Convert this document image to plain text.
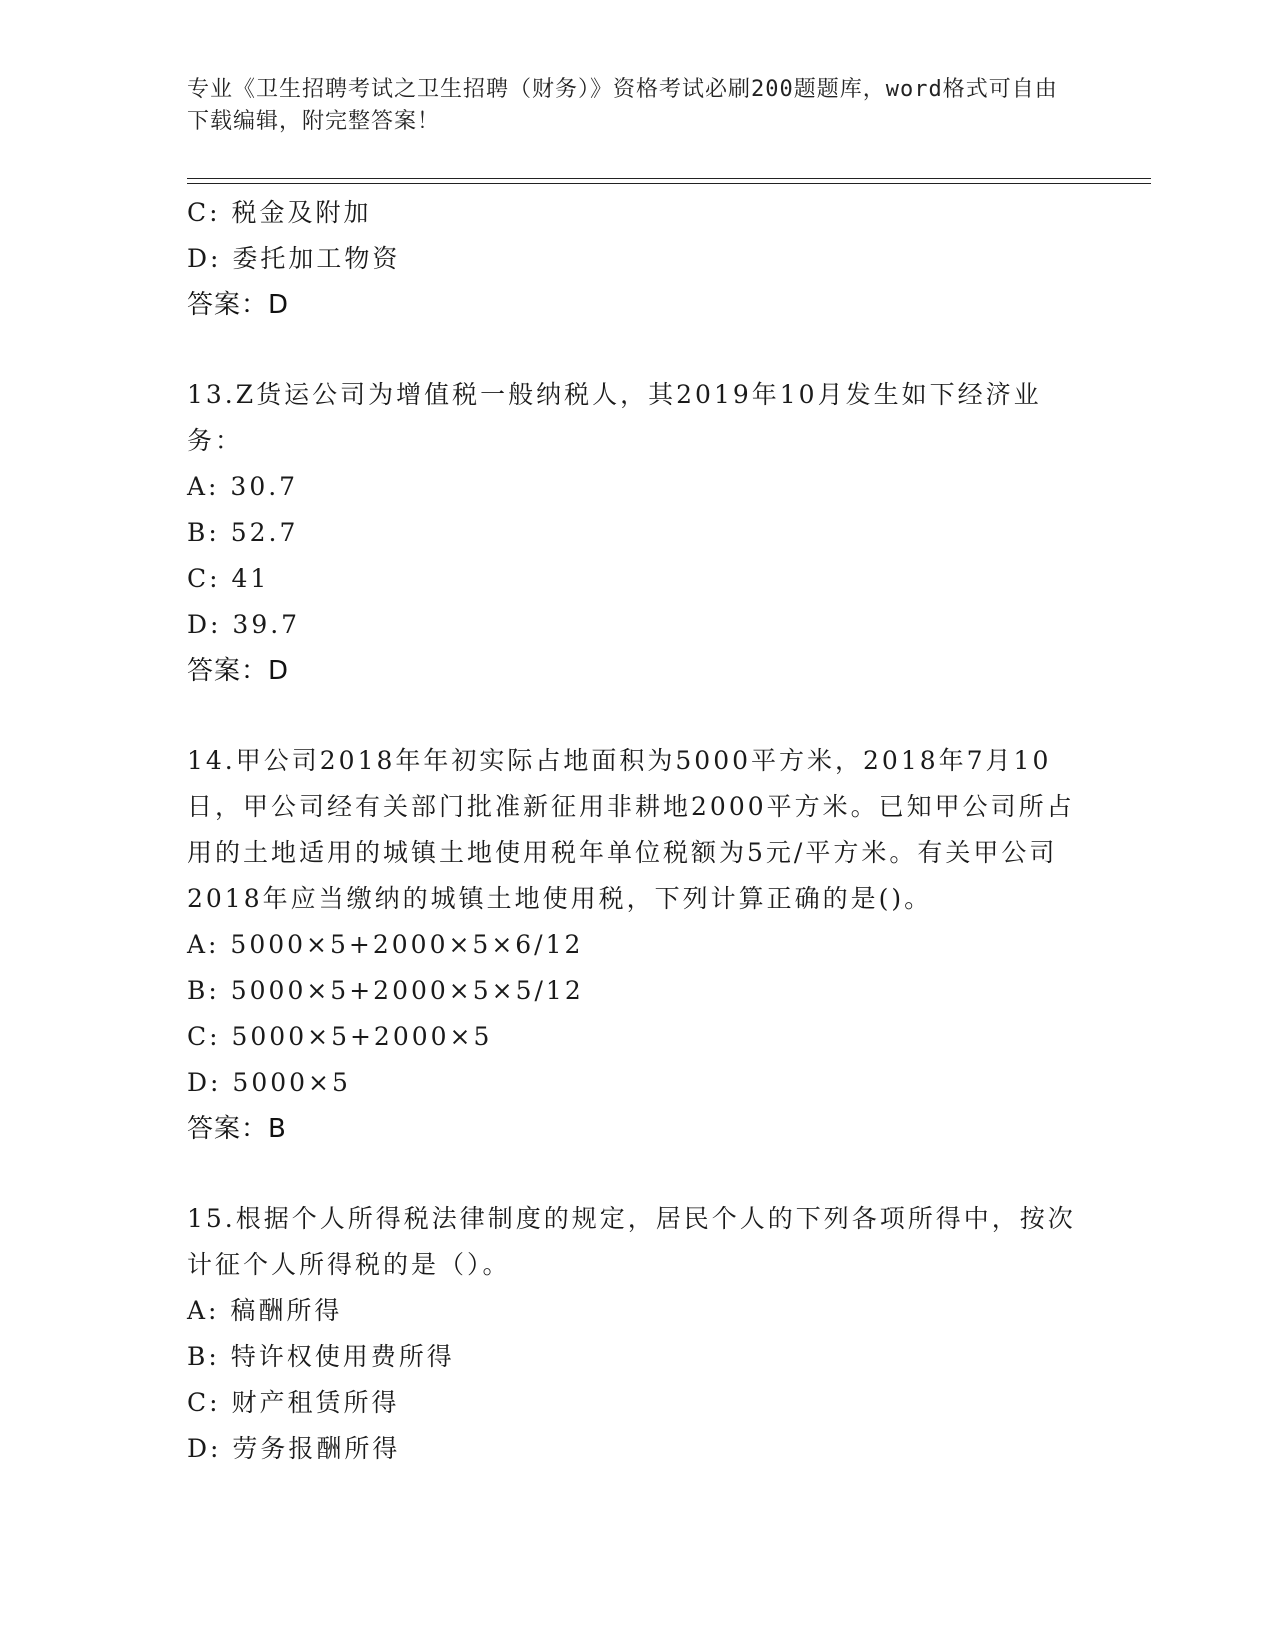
专业《卫生招聘考试之卫生招聘（财务）》资格考试必刷200题题库，word格式可自由下载编辑，附完整答案！
C: 税金及附加
D: 委托加工物资
答案：D
13.Z货运公司为增值税一般纳税人，其2019年10月发生如下经济业务：
A: 30.7
B: 52.7
C: 41
D: 39.7
答案：D
14.甲公司2018年年初实际占地面积为5000平方米，2018年7月10日，甲公司经有关部门批准新征用非耕地2000平方米。已知甲公司所占用的土地适用的城镇土地使用税年单位税额为5元/平方米。有关甲公司2018年应当缴纳的城镇土地使用税，下列计算正确的是()。
A: 5000×5+2000×5×6/12
B: 5000×5+2000×5×5/12
C: 5000×5+2000×5
D: 5000×5
答案：B
15.根据个人所得税法律制度的规定，居民个人的下列各项所得中，按次计征个人所得税的是（）。
A: 稿酬所得
B: 特许权使用费所得
C: 财产租赁所得
D: 劳务报酬所得
